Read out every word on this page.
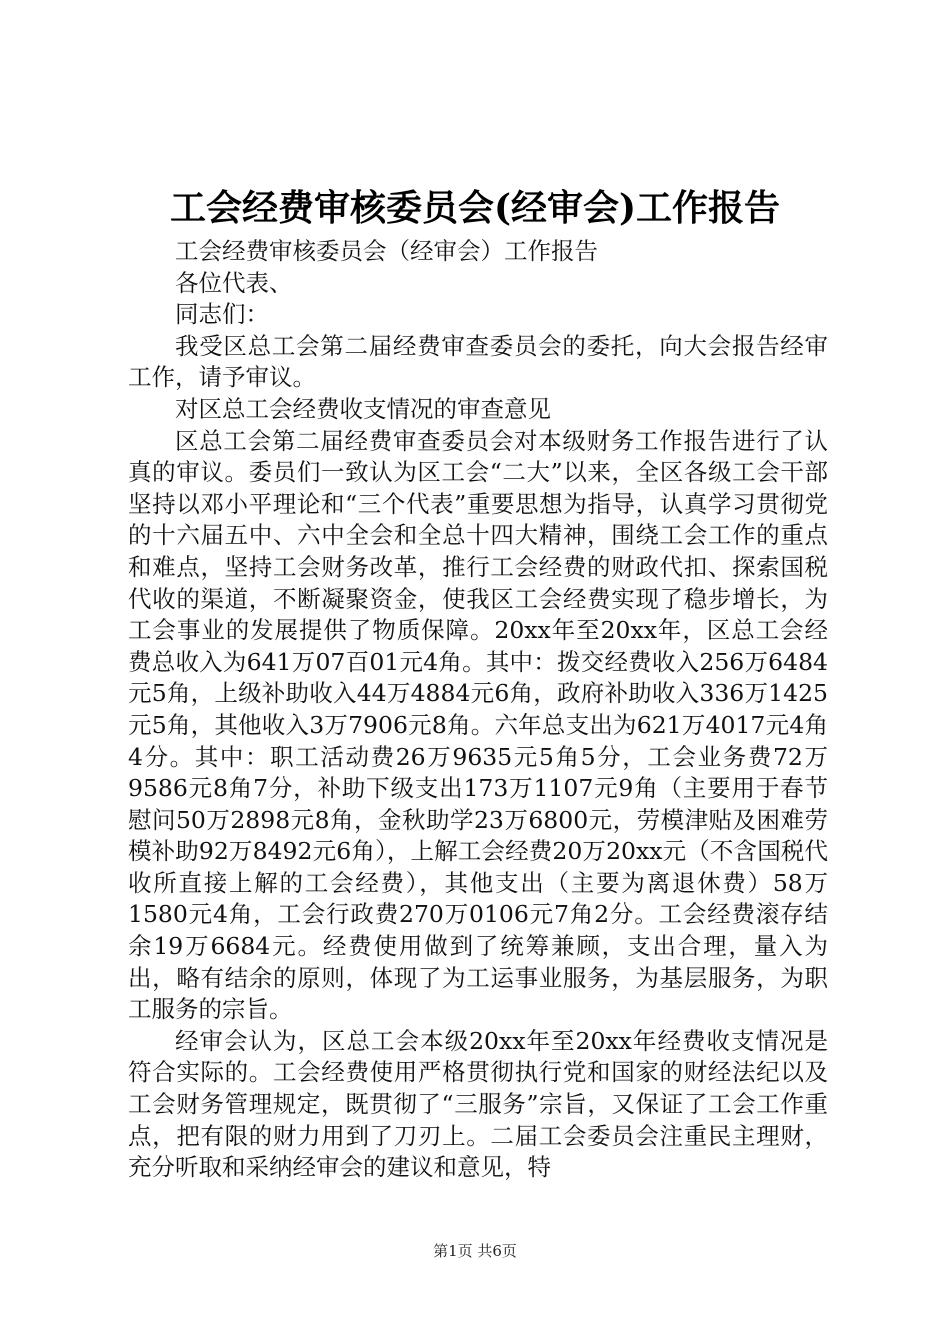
工会经费审核委员会(经审会)工作报告

工会经费审核委员会（经审会）工作报告

各位代表、

同志们：

我受区总工会第二届经费审查委员会的委托，向大会报告经审工作，请予审议。

对区总工会经费收支情况的审查意见

区总工会第二届经费审查委员会对本级财务工作报告进行了认真的审议。委员们一致认为区工会“二大”以来，全区各级工会干部坚持以邓小平理论和“三个代表”重要思想为指导，认真学习贯彻党的十六届五中、六中全会和全总十四大精神，围绕工会工作的重点和难点，坚持工会财务改革，推行工会经费的财政代扣、探索国税代收的渠道，不断凝聚资金，使我区工会经费实现了稳步增长，为工会事业的发展提供了物质保障。20xx年至20xx年，区总工会经费总收入为641万07百01元4角。其中：拨交经费收入256万6484元5角，上级补助收入44万4884元6角，政府补助收入336万1425元5角，其他收入3万7906元8角。六年总支出为621万4017元4角4分。其中：职工活动费26万9635元5角5分，工会业务费72万9586元8角7分，补助下级支出173万1107元9角（主要用于春节慰问50万2898元8角，金秋助学23万6800元，劳模津贴及困难劳模补助92万8492元6角），上解工会经费20万20xx元（不含国税代收所直接上解的工会经费），其他支出（主要为离退休费）58万1580元4角，工会行政费270万0106元7角2分。工会经费滚存结余19万6684元。经费使用做到了统筹兼顾，支出合理，量入为出，略有结余的原则，体现了为工运事业服务，为基层服务，为职工服务的宗旨。

经审会认为，区总工会本级20xx年至20xx年经费收支情况是符合实际的。工会经费使用严格贯彻执行党和国家的财经法纪以及工会财务管理规定，既贯彻了“三服务”宗旨，又保证了工会工作重点，把有限的财力用到了刀刃上。二届工会委员会注重民主理财，充分听取和采纳经审会的建议和意见，特

第1页 共6页
